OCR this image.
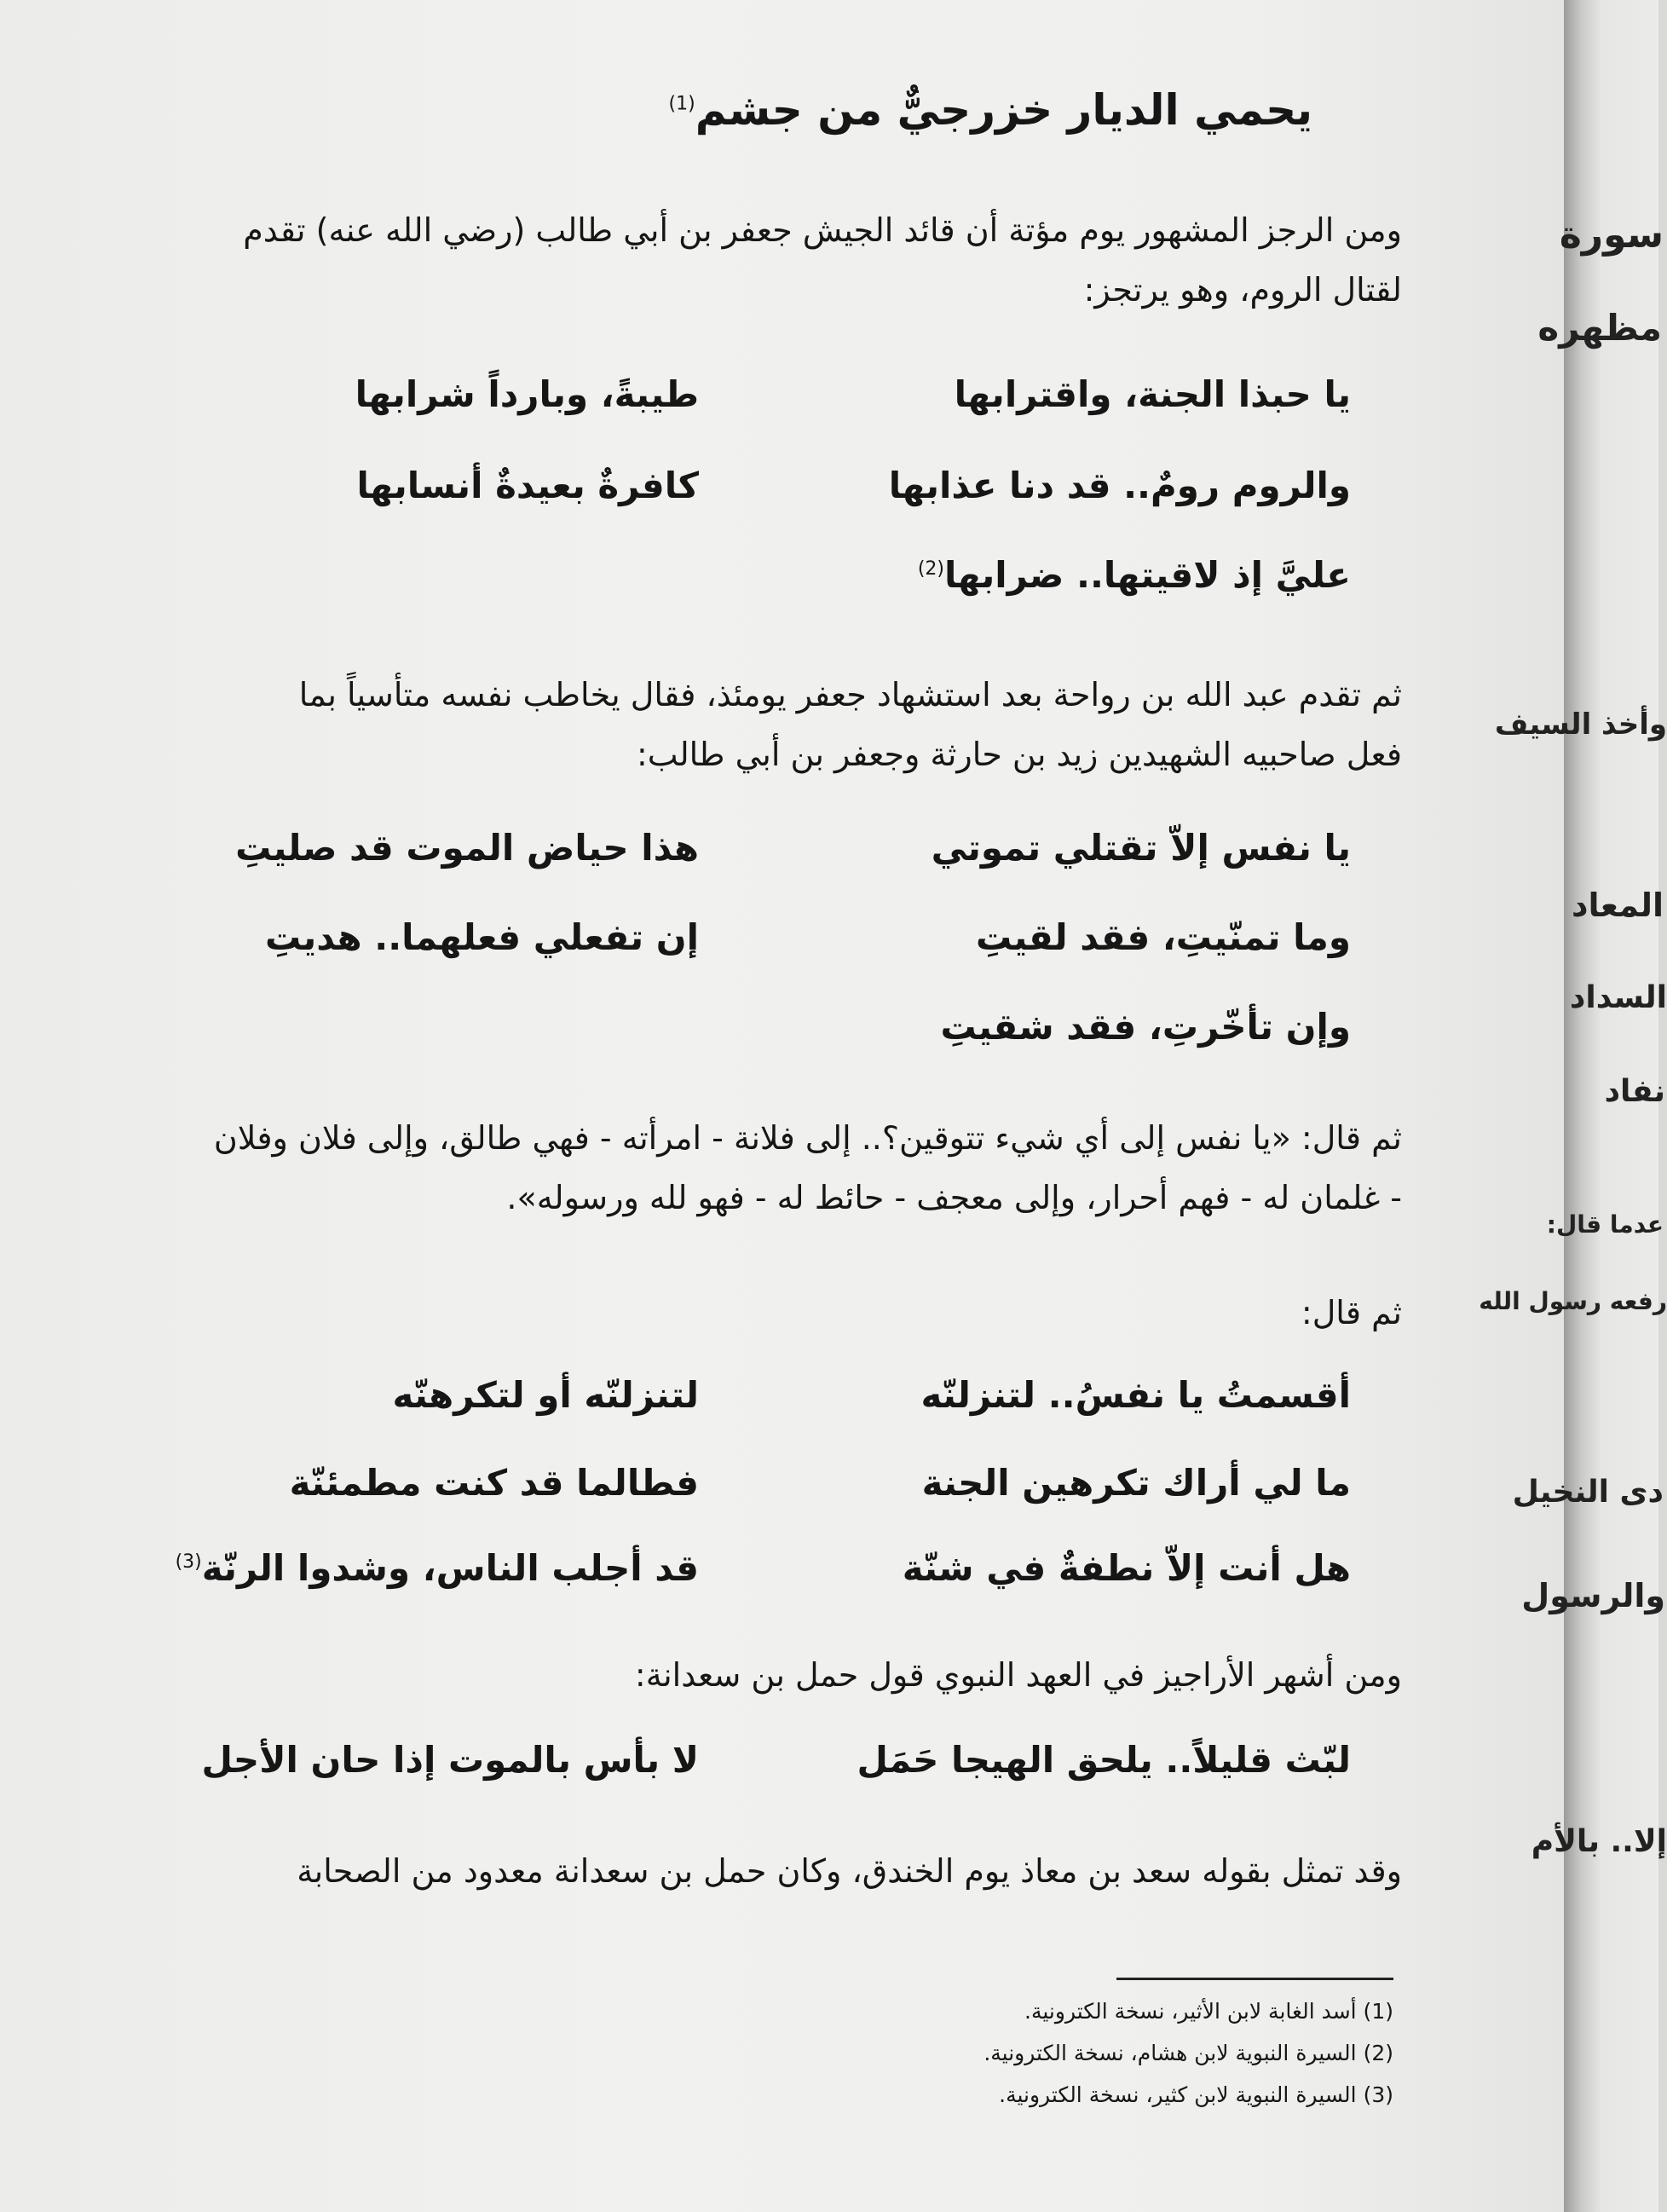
يحمي الديار خزرجيٌّ من جشم$^{(1)}$
ومن الرجز المشهور يوم مؤتة أن قائد الجيش جعفر بن أبي طالب (رضي الله عنه) تقدم
لقتال الروم، وهو يرتجز:
يا حبذا الجنة، واقترابها
طيبةً، وبارداً شرابها
والروم رومٌ.. قد دنا عذابها
كافرةٌ بعيدةٌ أنسابها
عليَّ إذ لاقيتها.. ضرابها$^{(2)}$
ثم تقدم عبد الله بن رواحة بعد استشهاد جعفر يومئذ، فقال يخاطب نفسه متأسياً بما
فعل صاحبيه الشهيدين زيد بن حارثة وجعفر بن أبي طالب:
يا نفس إلاّ تقتلي تموتي
هذا حياض الموت قد صليتِ
وما تمنّيتِ، فقد لقيتِ
إن تفعلي فعلهما.. هديتِ
وإن تأخّرتِ، فقد شقيتِ
ثم قال: «يا نفس إلى أي شيء تتوقين؟.. إلى فلانة - امرأته - فهي طالق، وإلى فلان وفلان
- غلمان له - فهم أحرار، وإلى معجف - حائط له - فهو لله ورسوله».
ثم قال:
أقسمتُ يا نفسُ.. لتنزلنّه
لتنزلنّه أو لتكرهنّه
ما لي أراك تكرهين الجنة
فطالما قد كنت مطمئنّة
هل أنت إلاّ نطفةٌ في شنّة
قد أجلب الناس، وشدوا الرنّة$^{(3)}$
ومن أشهر الأراجيز في العهد النبوي قول حمل بن سعدانة:
لبّث قليلاً.. يلحق الهيجا حَمَل
لا بأس بالموت إذا حان الأجل
وقد تمثل بقوله سعد بن معاذ يوم الخندق، وكان حمل بن سعدانة معدود من الصحابة
(1) أسد الغابة لابن الأثير، نسخة الكترونية.
(2) السيرة النبوية لابن هشام، نسخة الكترونية.
(3) السيرة النبوية لابن كثير، نسخة الكترونية.
سورة
مظهره
وأخذ السيف
المعاد
السداد
نفاد
عدما قال:
رفعه رسول الله
دى النخيل
والرسول
إلا.. بالأم
